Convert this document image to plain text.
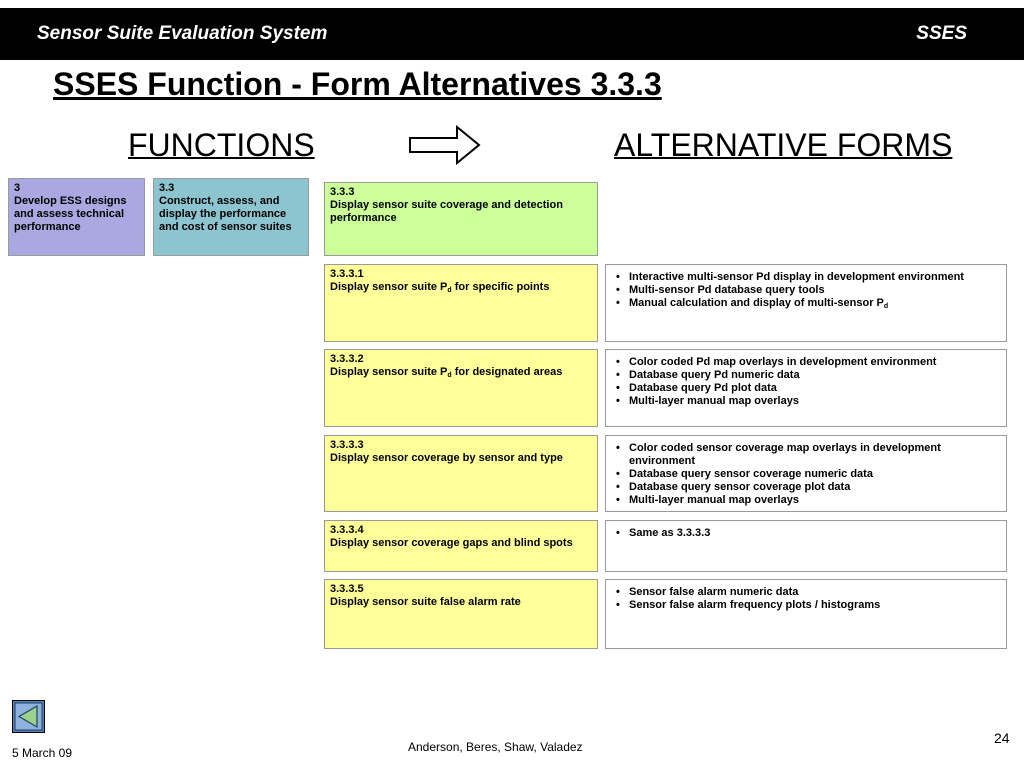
Sensor Suite Evaluation System	SSES
SSES Function - Form Alternatives 3.3.3
FUNCTIONS	ALTERNATIVE FORMS
3
Develop ESS designs and assess technical performance
3.3
Construct, assess, and display the performance and cost of sensor suites
3.3.3
Display sensor suite coverage and detection performance
3.3.3.1
Display sensor suite $P_d$ for specific points
• Interactive multi-sensor Pd display in development environment
• Multi-sensor Pd database query tools
• Manual calculation and display of multi-sensor $P_d$
3.3.3.2
Display sensor suite $P_d$ for designated areas
• Color coded Pd map overlays in development environment
• Database query Pd numeric data
• Database query Pd plot data
• Multi-layer manual map overlays
3.3.3.3
Display sensor coverage by sensor and type
• Color coded sensor coverage map overlays in development environment
• Database query sensor coverage numeric data
• Database query sensor coverage plot data
• Multi-layer manual map overlays
3.3.3.4
Display sensor coverage gaps and blind spots
• Same as 3.3.3.3
3.3.3.5
Display sensor suite false alarm rate
• Sensor false alarm numeric data
• Sensor false alarm frequency plots / histograms
5 March 09	Anderson, Beres, Shaw, Valadez
24
